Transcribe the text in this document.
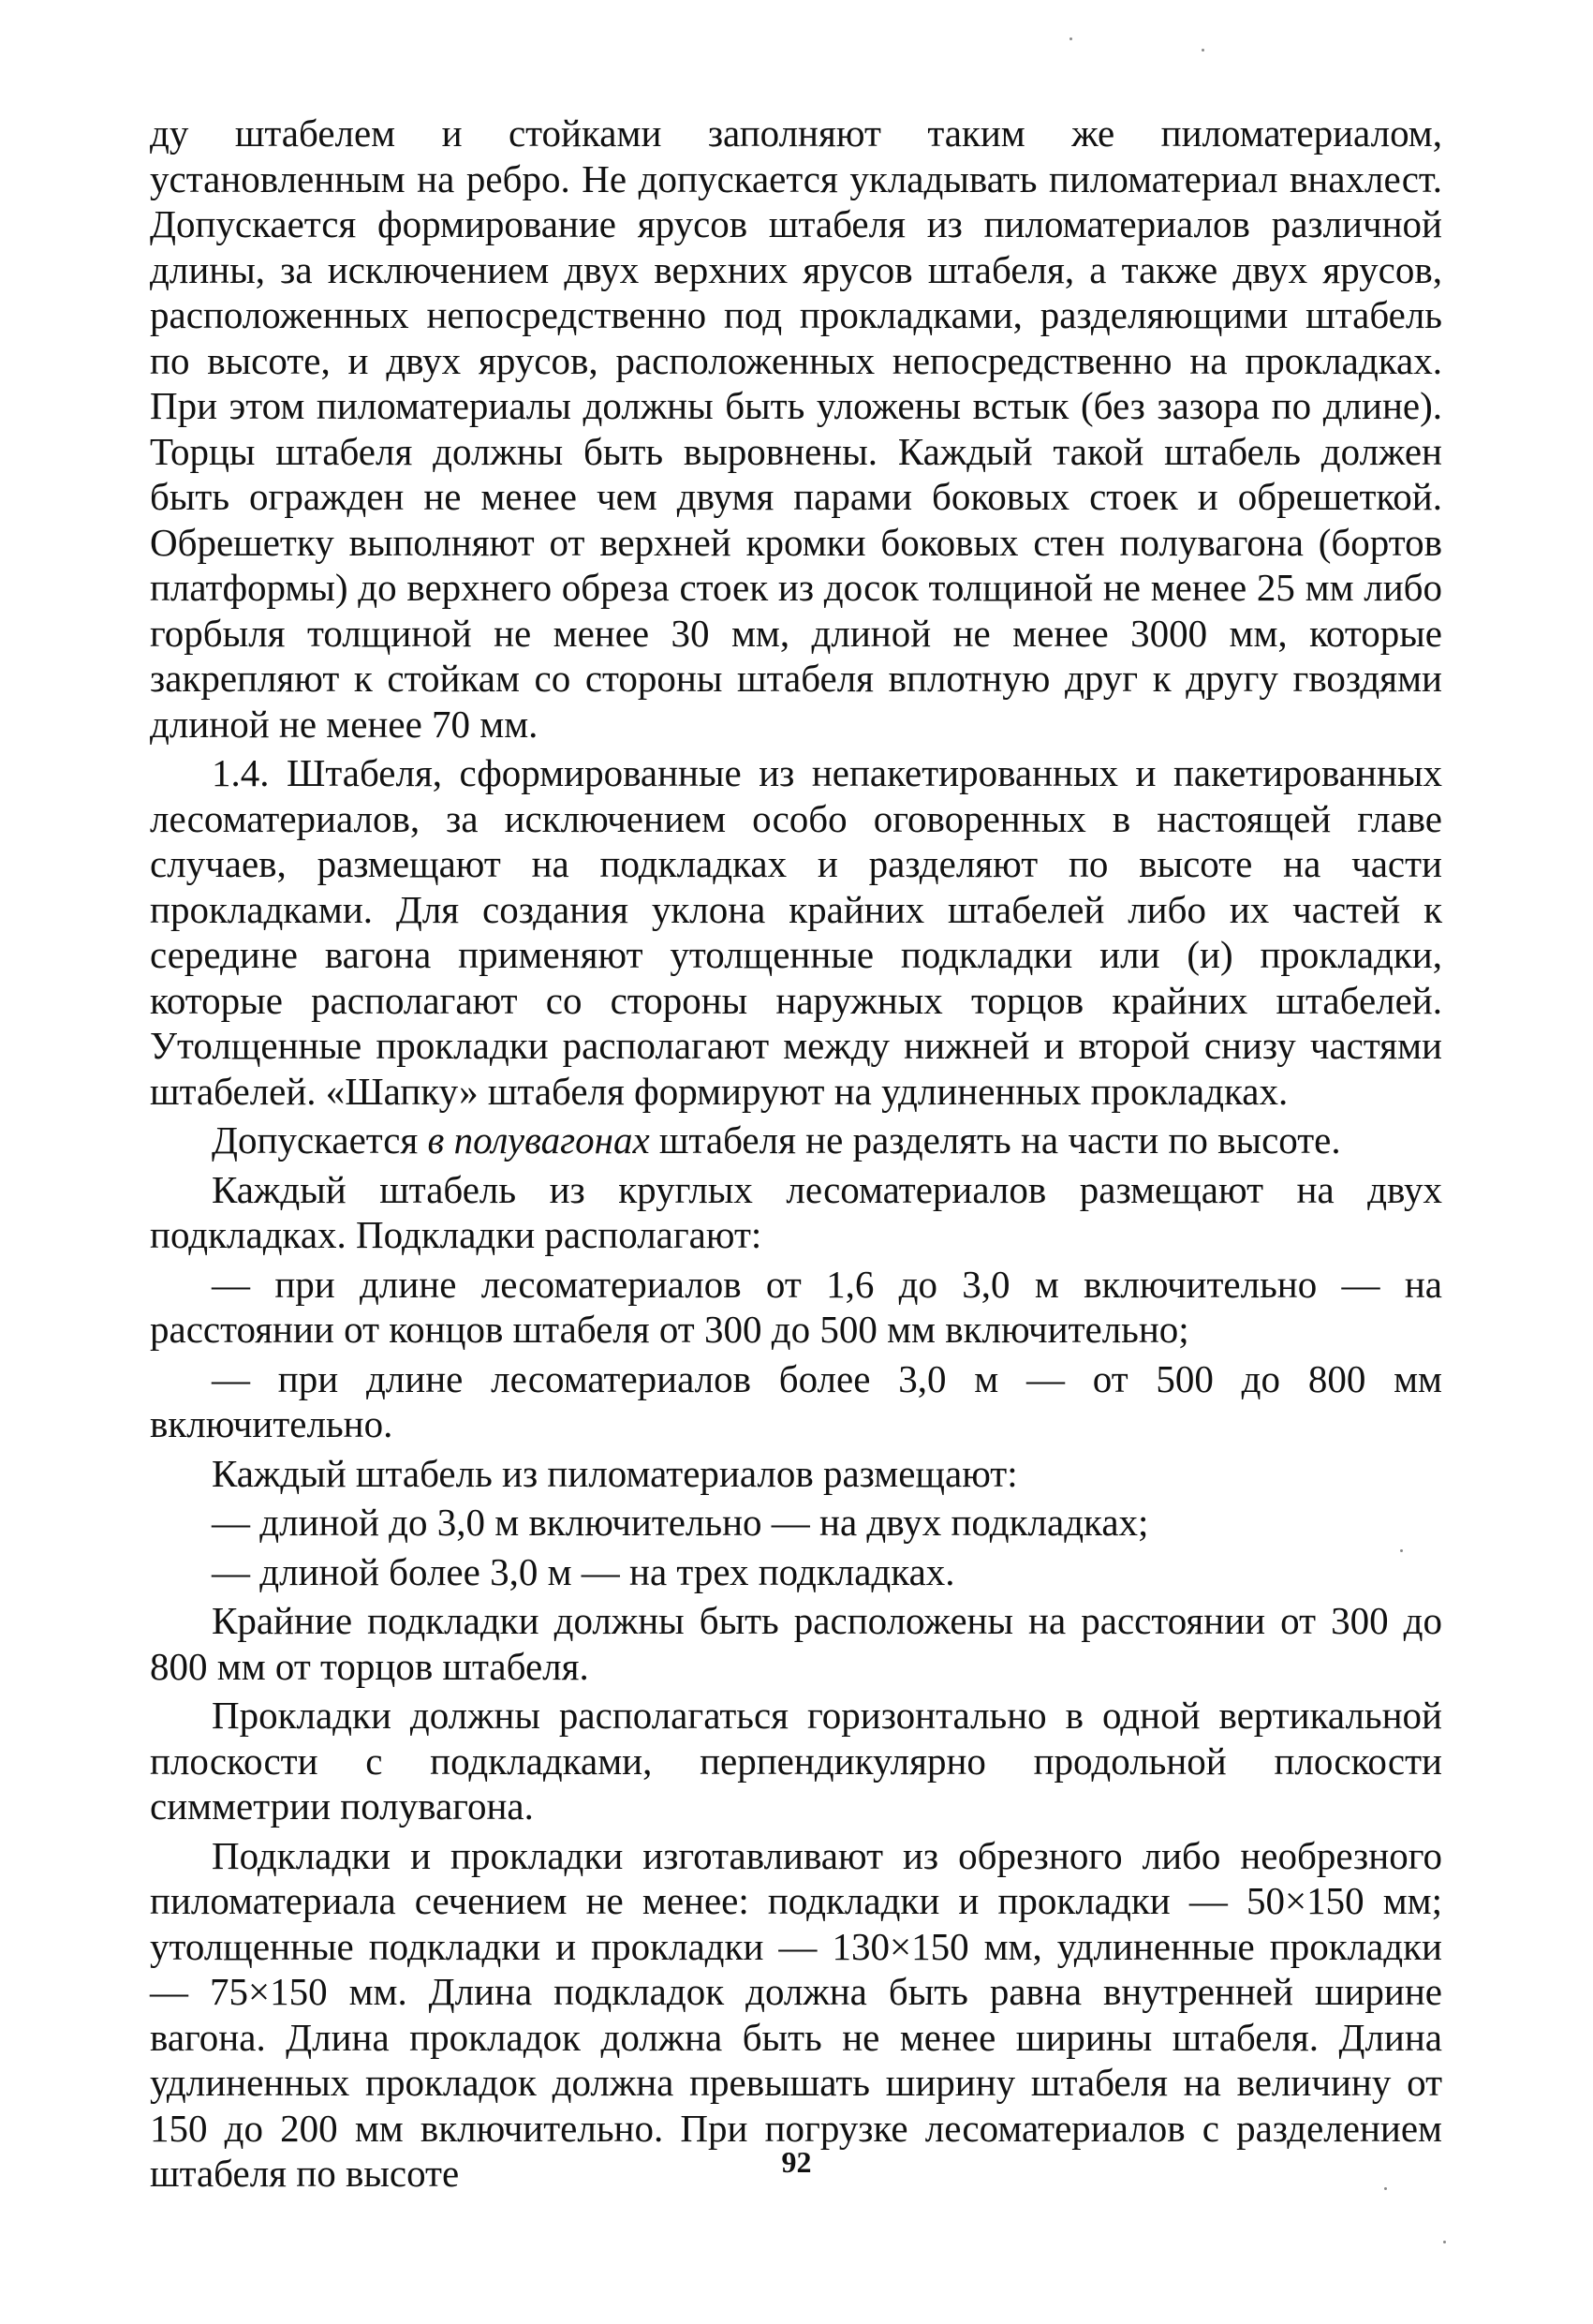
ду штабелем и стойками заполняют таким же пиломатериалом, установленным на ребро. Не допускается укладывать пиломатериал внахлест. Допускается формирование ярусов штабеля из пиломатериалов различной длины, за исключением двух верхних ярусов штабеля, а также двух ярусов, расположенных непосредственно под прокладками, разделяющими штабель по высоте, и двух ярусов, расположенных непосредственно на прокладках. При этом пиломатериалы должны быть уложены встык (без зазора по длине). Торцы штабеля должны быть выровнены. Каждый такой штабель должен быть огражден не менее чем двумя парами боковых стоек и обрешеткой. Обрешетку выполняют от верхней кромки боковых стен полувагона (бортов платформы) до верхнего обреза стоек из досок толщиной не менее 25 мм либо горбыля толщиной не менее 30 мм, длиной не менее 3000 мм, которые закрепляют к стойкам со стороны штабеля вплотную друг к другу гвоздями длиной не менее 70 мм.

1.4. Штабеля, сформированные из непакетированных и пакетированных лесоматериалов, за исключением особо оговоренных в настоящей главе случаев, размещают на подкладках и разделяют по высоте на части прокладками. Для создания уклона крайних штабелей либо их частей к середине вагона применяют утолщенные подкладки или (и) прокладки, которые располагают со стороны наружных торцов крайних штабелей. Утолщенные прокладки располагают между нижней и второй снизу частями штабелей. «Шапку» штабеля формируют на удлиненных прокладках.

Допускается в полувагонах штабеля не разделять на части по высоте.

Каждый штабель из круглых лесоматериалов размещают на двух подкладках. Подкладки располагают:

— при длине лесоматериалов от 1,6 до 3,0 м включительно — на расстоянии от концов штабеля от 300 до 500 мм включительно;

— при длине лесоматериалов более 3,0 м — от 500 до 800 мм включительно.

Каждый штабель из пиломатериалов размещают:

— длиной до 3,0 м включительно — на двух подкладках;

— длиной более 3,0 м — на трех подкладках.

Крайние подкладки должны быть расположены на расстоянии от 300 до 800 мм от торцов штабеля.

Прокладки должны располагаться горизонтально в одной вертикальной плоскости с подкладками, перпендикулярно продольной плоскости симметрии полувагона.

Подкладки и прокладки изготавливают из обрезного либо необрезного пиломатериала сечением не менее: подкладки и прокладки — 50×150 мм; утолщенные подкладки и прокладки — 130×150 мм, удлиненные прокладки — 75×150 мм. Длина подкладок должна быть равна внутренней ширине вагона. Длина прокладок должна быть не менее ширины штабеля. Длина удлиненных прокладок должна превышать ширину штабеля на величину от 150 до 200 мм включительно. При погрузке лесоматериалов с разделением штабеля по высоте	92
